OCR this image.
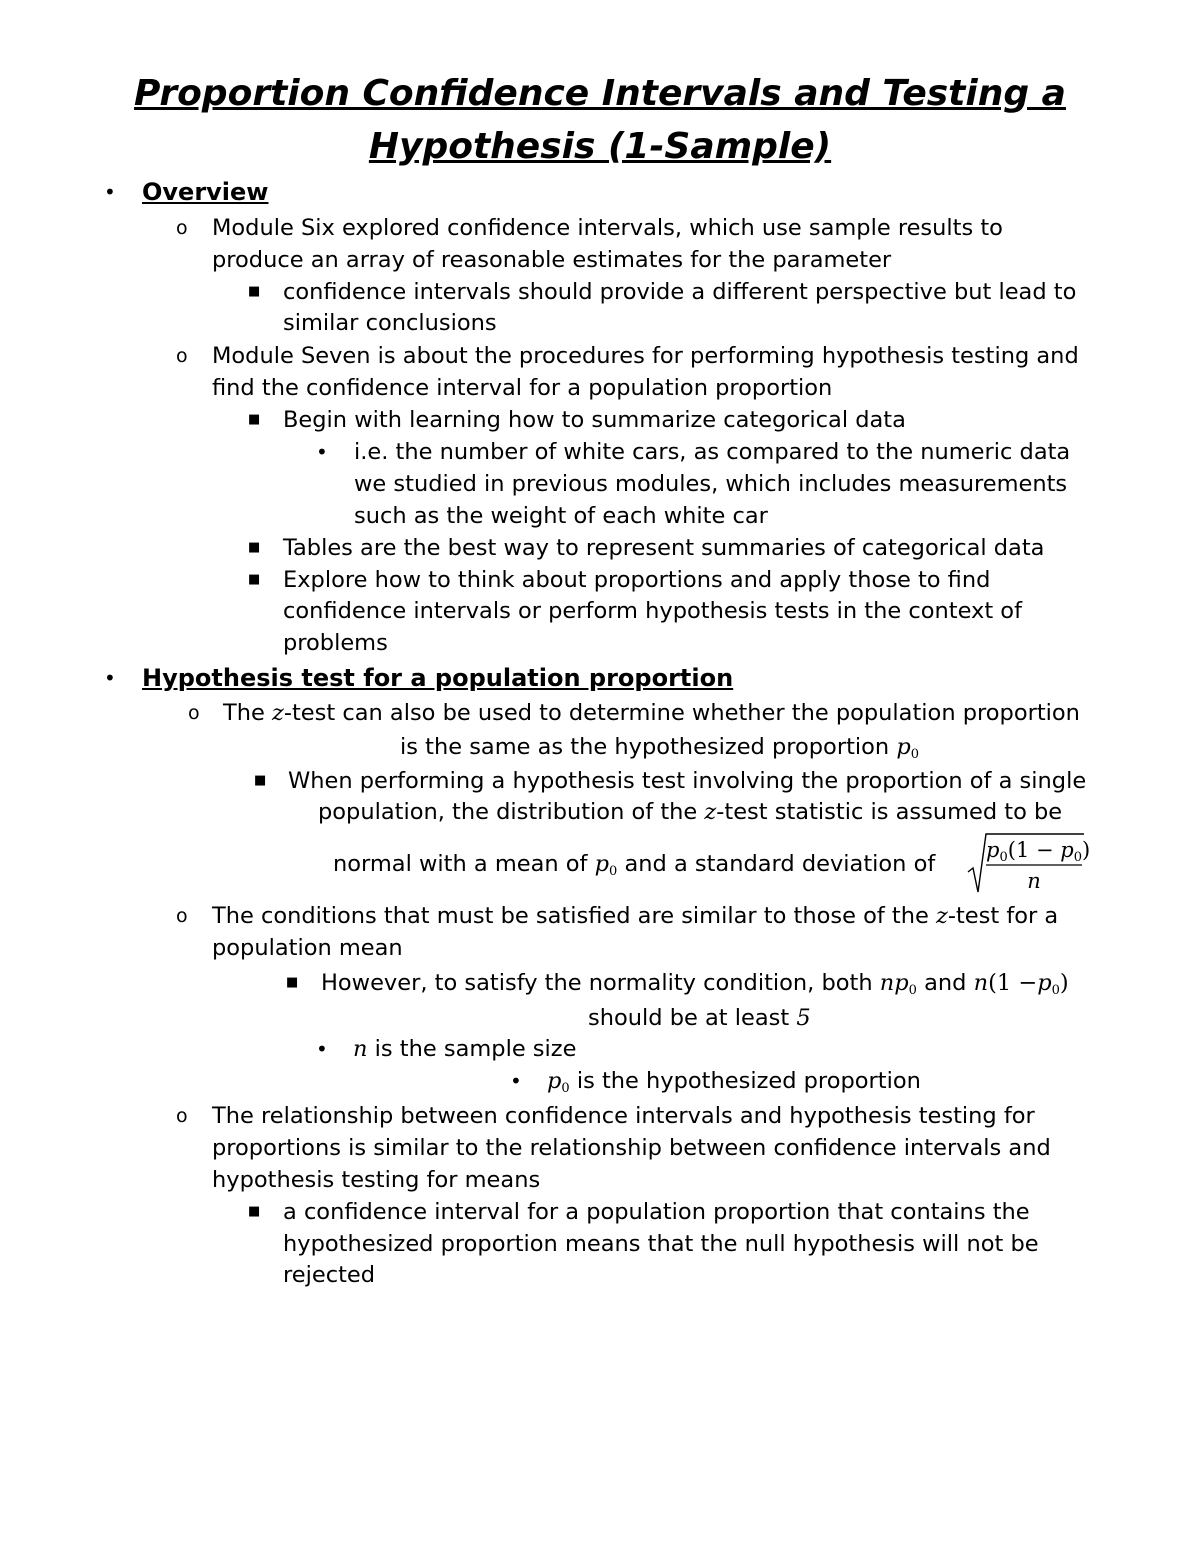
Proportion Confidence Intervals and Testing a
Hypothesis (1-Sample)
• Overview
o Module Six explored confidence intervals, which use sample results to
produce an array of reasonable estimates for the parameter
■ confidence intervals should provide a different perspective but lead to
similar conclusions
o Module Seven is about the procedures for performing hypothesis testing and
find the confidence interval for a population proportion
■ Begin with learning how to summarize categorical data
• i.e. the number of white cars, as compared to the numeric data
we studied in previous modules, which includes measurements
such as the weight of each white car
■ Tables are the best way to represent summaries of categorical data
■ Explore how to think about proportions and apply those to find
confidence intervals or perform hypothesis tests in the context of
problems
• Hypothesis test for a population proportion
o The z-test can also be used to determine whether the population proportion
is the same as the hypothesized proportion $p_0$
■ When performing a hypothesis test involving the proportion of a single
population, the distribution of the z-test statistic is assumed to be
normal with a mean of $p_0$ and a standard deviation of
$p_0(1 - p_0)$
n
o The conditions that must be satisfied are similar to those of the z-test for a
population mean
■ However, to satisfy the normality condition, both $np_0$ and $n(1 -p_0)$
should be at least 5
• n is the sample size
• $p_0$ is the hypothesized proportion
o The relationship between confidence intervals and hypothesis testing for
proportions is similar to the relationship between confidence intervals and
hypothesis testing for means
■ a confidence interval for a population proportion that contains the
hypothesized proportion means that the null hypothesis will not be
rejected
